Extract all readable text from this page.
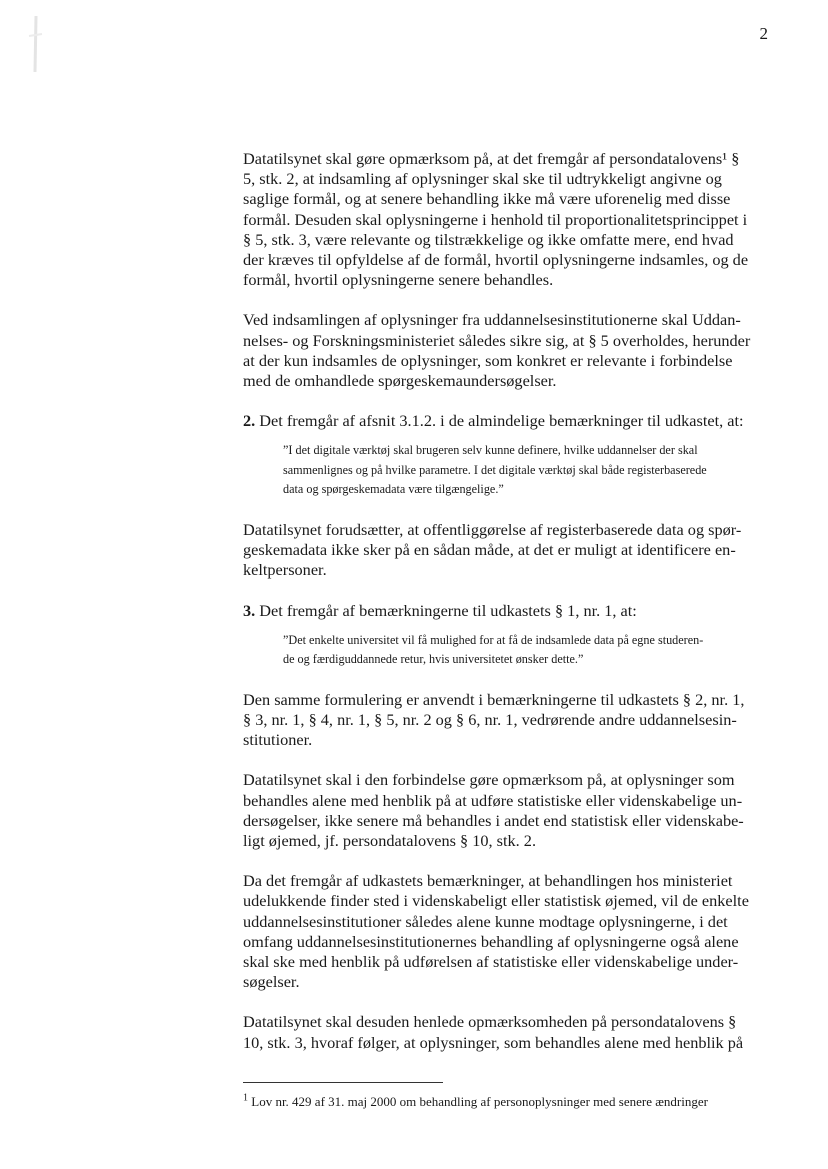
2
Datatilsynet skal gøre opmærksom på, at det fremgår af persondatalovens¹ §
5, stk. 2, at indsamling af oplysninger skal ske til udtrykkeligt angivne og
saglige formål, og at senere behandling ikke må være uforenelig med disse
formål. Desuden skal oplysningerne i henhold til proportionalitetsprincippet i
§ 5, stk. 3, være relevante og tilstrækkelige og ikke omfatte mere, end hvad
der kræves til opfyldelse af de formål, hvortil oplysningerne indsamles, og de
formål, hvortil oplysningerne senere behandles.
Ved indsamlingen af oplysninger fra uddannelsesinstitutionerne skal Uddan-
nelses- og Forskningsministeriet således sikre sig, at § 5 overholdes, herunder
at der kun indsamles de oplysninger, som konkret er relevante i forbindelse
med de omhandlede spørgeskemaundersøgelser.
2. Det fremgår af afsnit 3.1.2. i de almindelige bemærkninger til udkastet, at:
”I det digitale værktøj skal brugeren selv kunne definere, hvilke uddannelser der skal
sammenlignes og på hvilke parametre. I det digitale værktøj skal både registerbaserede
data og spørgeskemadata være tilgængelige.”
Datatilsynet forudsætter, at offentliggørelse af registerbaserede data og spør-
geskemadata ikke sker på en sådan måde, at det er muligt at identificere en-
keltpersoner.
3. Det fremgår af bemærkningerne til udkastets § 1, nr. 1, at:
”Det enkelte universitet vil få mulighed for at få de indsamlede data på egne studeren-
de og færdiguddannede retur, hvis universitetet ønsker dette.”
Den samme formulering er anvendt i bemærkningerne til udkastets § 2, nr. 1,
§ 3, nr. 1, § 4, nr. 1, § 5, nr. 2 og § 6, nr. 1, vedrørende andre uddannelsesin-
stitutioner.
Datatilsynet skal i den forbindelse gøre opmærksom på, at oplysninger som
behandles alene med henblik på at udføre statistiske eller videnskabelige un-
dersøgelser, ikke senere må behandles i andet end statistisk eller videnskabe-
ligt øjemed, jf. persondatalovens § 10, stk. 2.
Da det fremgår af udkastets bemærkninger, at behandlingen hos ministeriet
udelukkende finder sted i videnskabeligt eller statistisk øjemed, vil de enkelte
uddannelsesinstitutioner således alene kunne modtage oplysningerne, i det
omfang uddannelsesinstitutionernes behandling af oplysningerne også alene
skal ske med henblik på udførelsen af statistiske eller videnskabelige under-
søgelser.
Datatilsynet skal desuden henlede opmærksomheden på persondatalovens §
10, stk. 3, hvoraf følger, at oplysninger, som behandles alene med henblik på
$^1$ Lov nr. 429 af 31. maj 2000 om behandling af personoplysninger med senere ændringer
